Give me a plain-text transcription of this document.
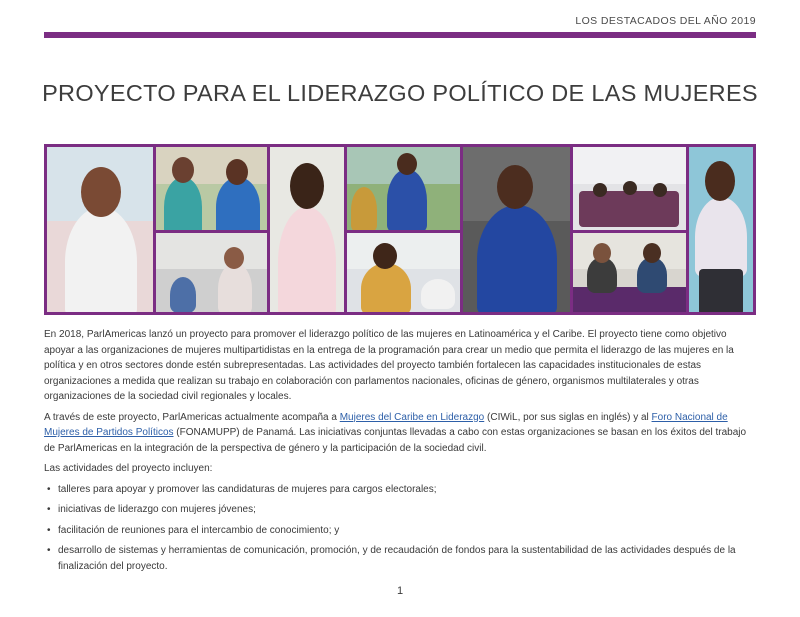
LOS DESTACADOS DEL AÑO 2019
PROYECTO PARA EL LIDERAZGO POLÍTICO DE LAS MUJERES

En 2018, ParlAmericas lanzó un proyecto para promover el liderazgo político de las mujeres en Latinoamérica y el Caribe. El proyecto tiene como objetivo apoyar a las organizaciones de mujeres multipartidistas en la entrega de la programación para crear un medio que permita el liderazgo de las mujeres en la política y en otros sectores donde estén subrepresentadas. Las actividades del proyecto también fortalecen las capacidades institucionales de estas organizaciones a medida que realizan su trabajo en colaboración con parlamentos nacionales, oficinas de género, organismos multilaterales y otras organizaciones de la sociedad civil regionales y locales.

A través de este proyecto, ParlAmericas actualmente acompaña a Mujeres del Caribe en Liderazgo (CIWiL, por sus siglas en inglés) y al Foro Nacional de Mujeres de Partidos Políticos (FONAMUPP) de Panamá. Las iniciativas conjuntas llevadas a cabo con estas organizaciones se basan en los éxitos del trabajo de ParlAmericas en la integración de la perspectiva de género y la participación de la sociedad civil.

Las actividades del proyecto incluyen:

• talleres para apoyar y promover las candidaturas de mujeres para cargos electorales;
• iniciativas de liderazgo con mujeres jóvenes;
• facilitación de reuniones para el intercambio de conocimiento; y
• desarrollo de sistemas y herramientas de comunicación, promoción, y de recaudación de fondos para la sustentabilidad de las actividades después de la finalización del proyecto.
1
